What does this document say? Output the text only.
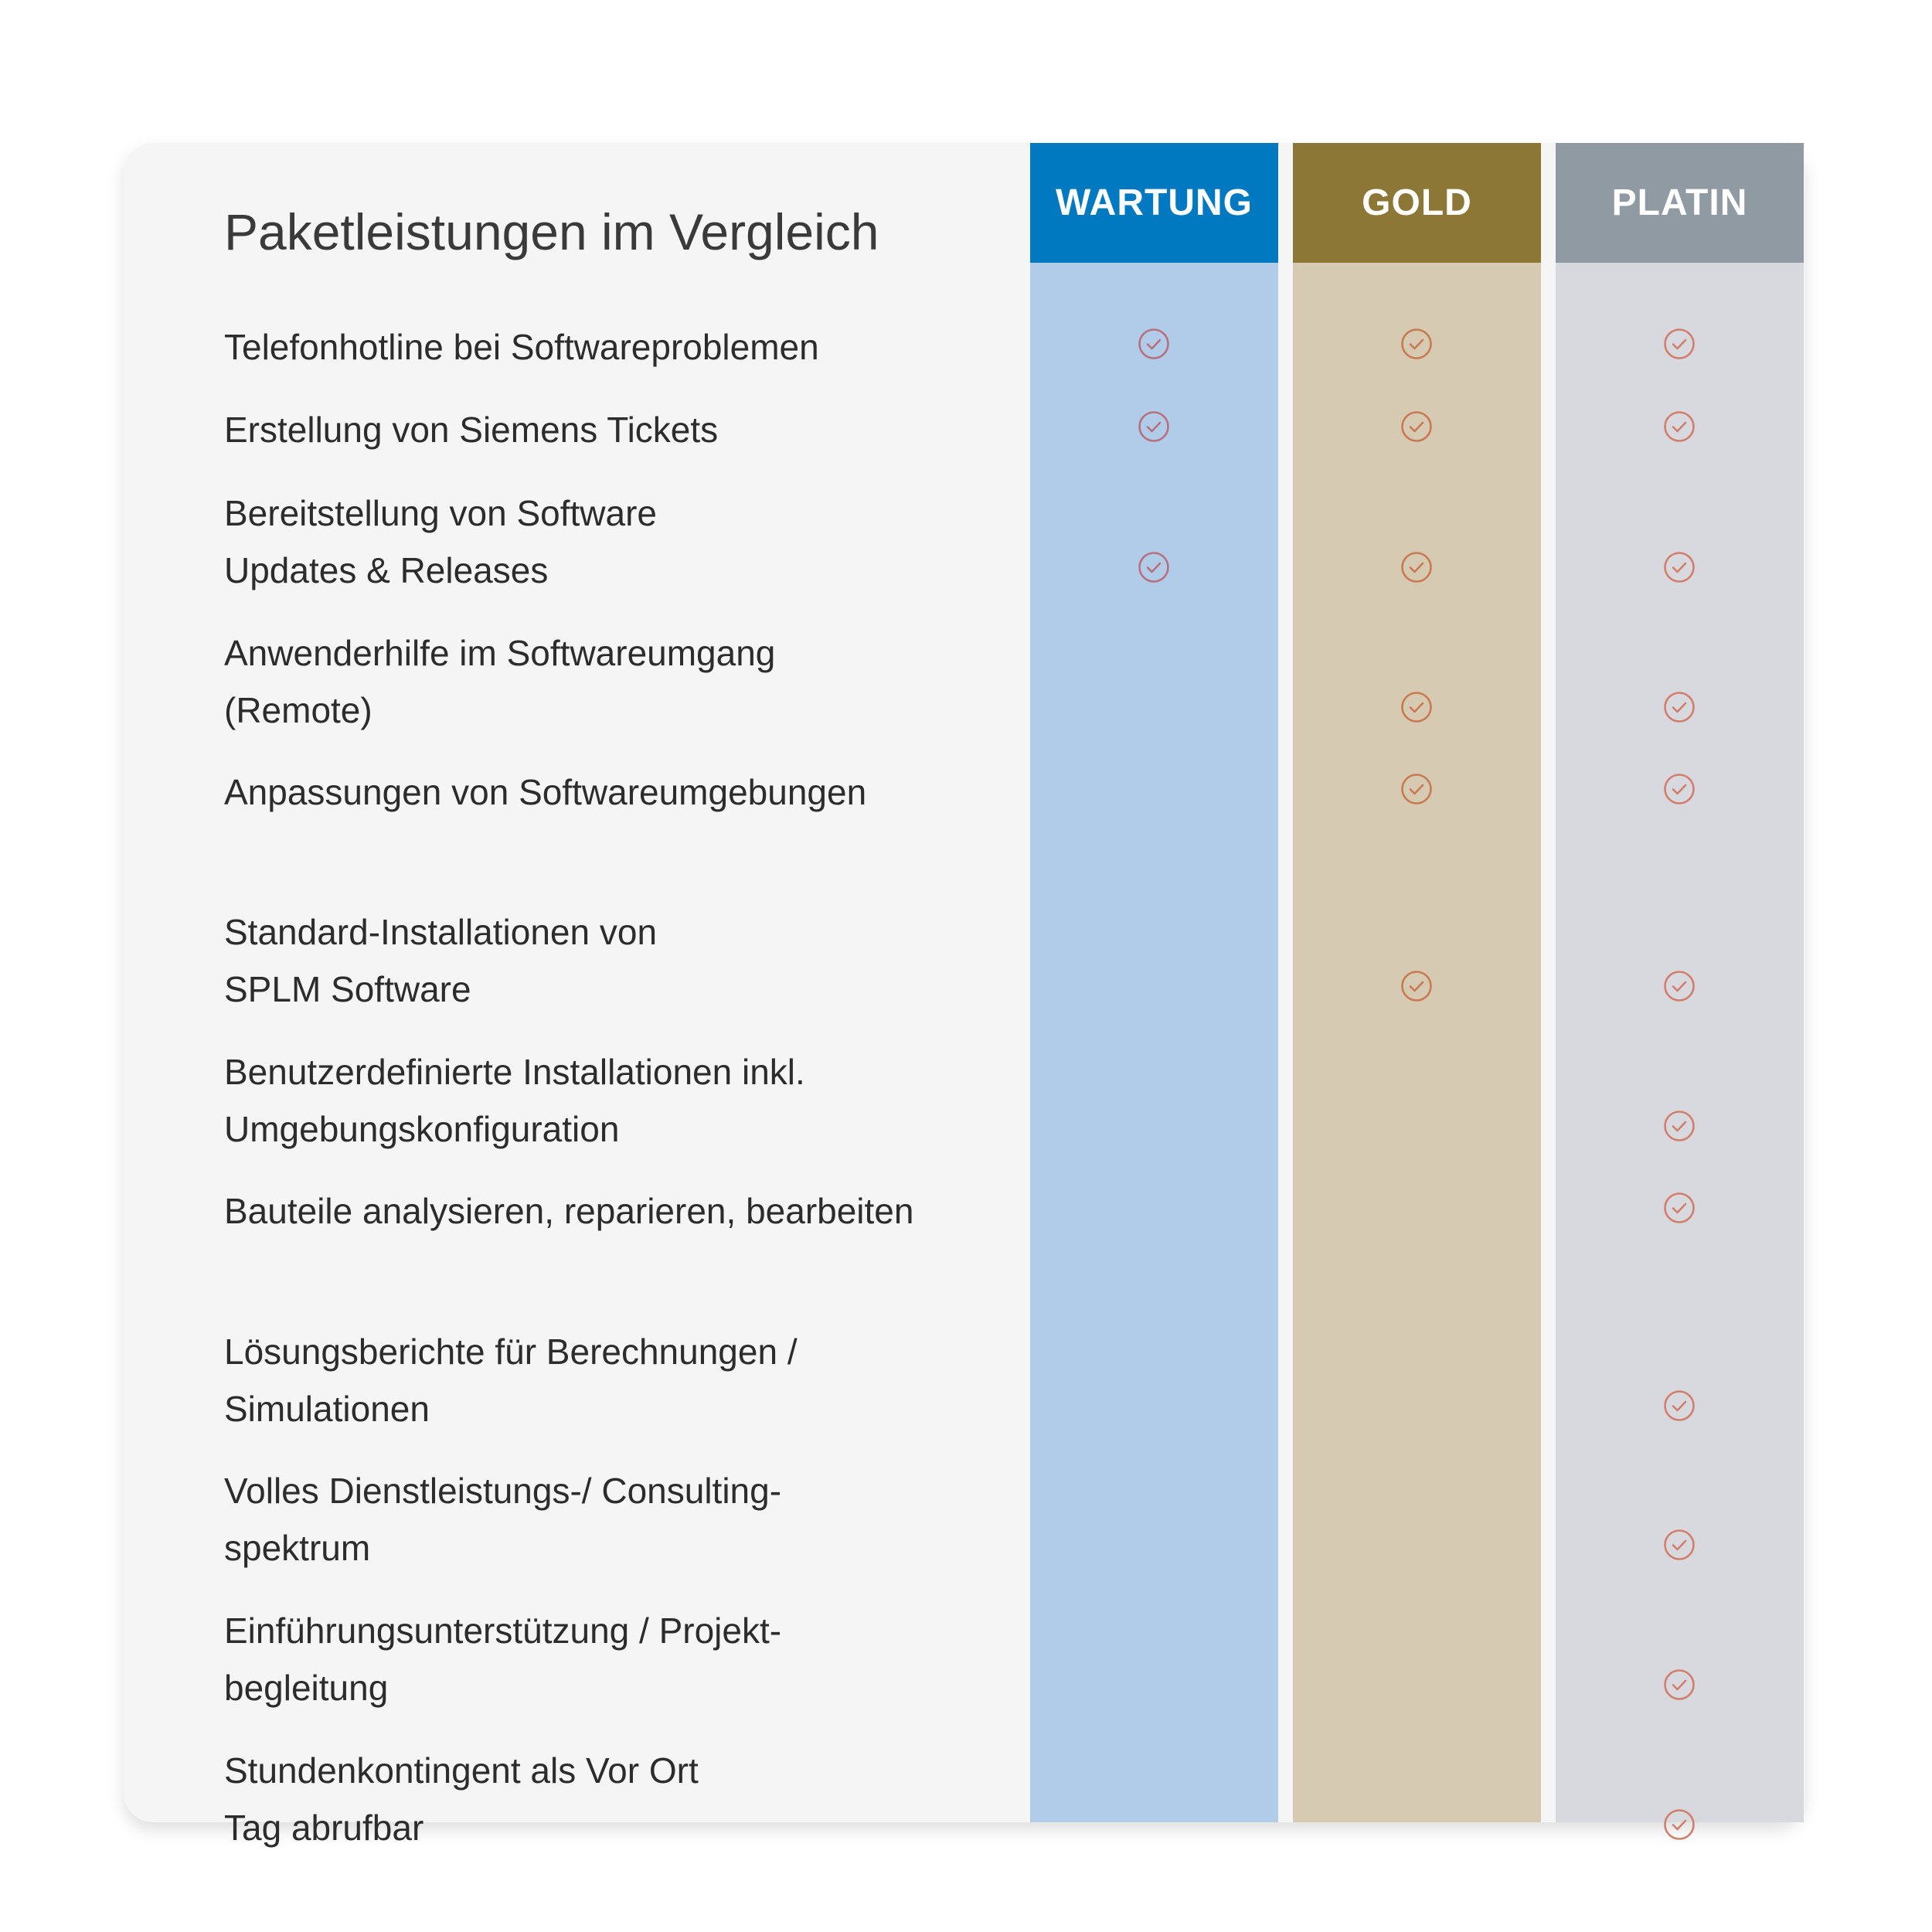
WARTUNG	GOLD	PLATIN
Paketleistungen im Vergleich
Telefonhotline bei Softwareproblemen
Erstellung von Siemens Tickets
Bereitstellung von Software
Updates & Releases
Anwenderhilfe im Softwareumgang
(Remote)
Anpassungen von Softwareumgebungen
Standard-Installationen von
SPLM Software
Benutzerdefinierte Installationen inkl.
Umgebungskonfiguration
Bauteile analysieren, reparieren, bearbeiten
Lösungsberichte für Berechnungen /
Simulationen
Volles Dienstleistungs-/ Consulting-
spektrum
Einführungsunterstützung / Projekt-
begleitung
Stundenkontingent als Vor Ort
Tag abrufbar
